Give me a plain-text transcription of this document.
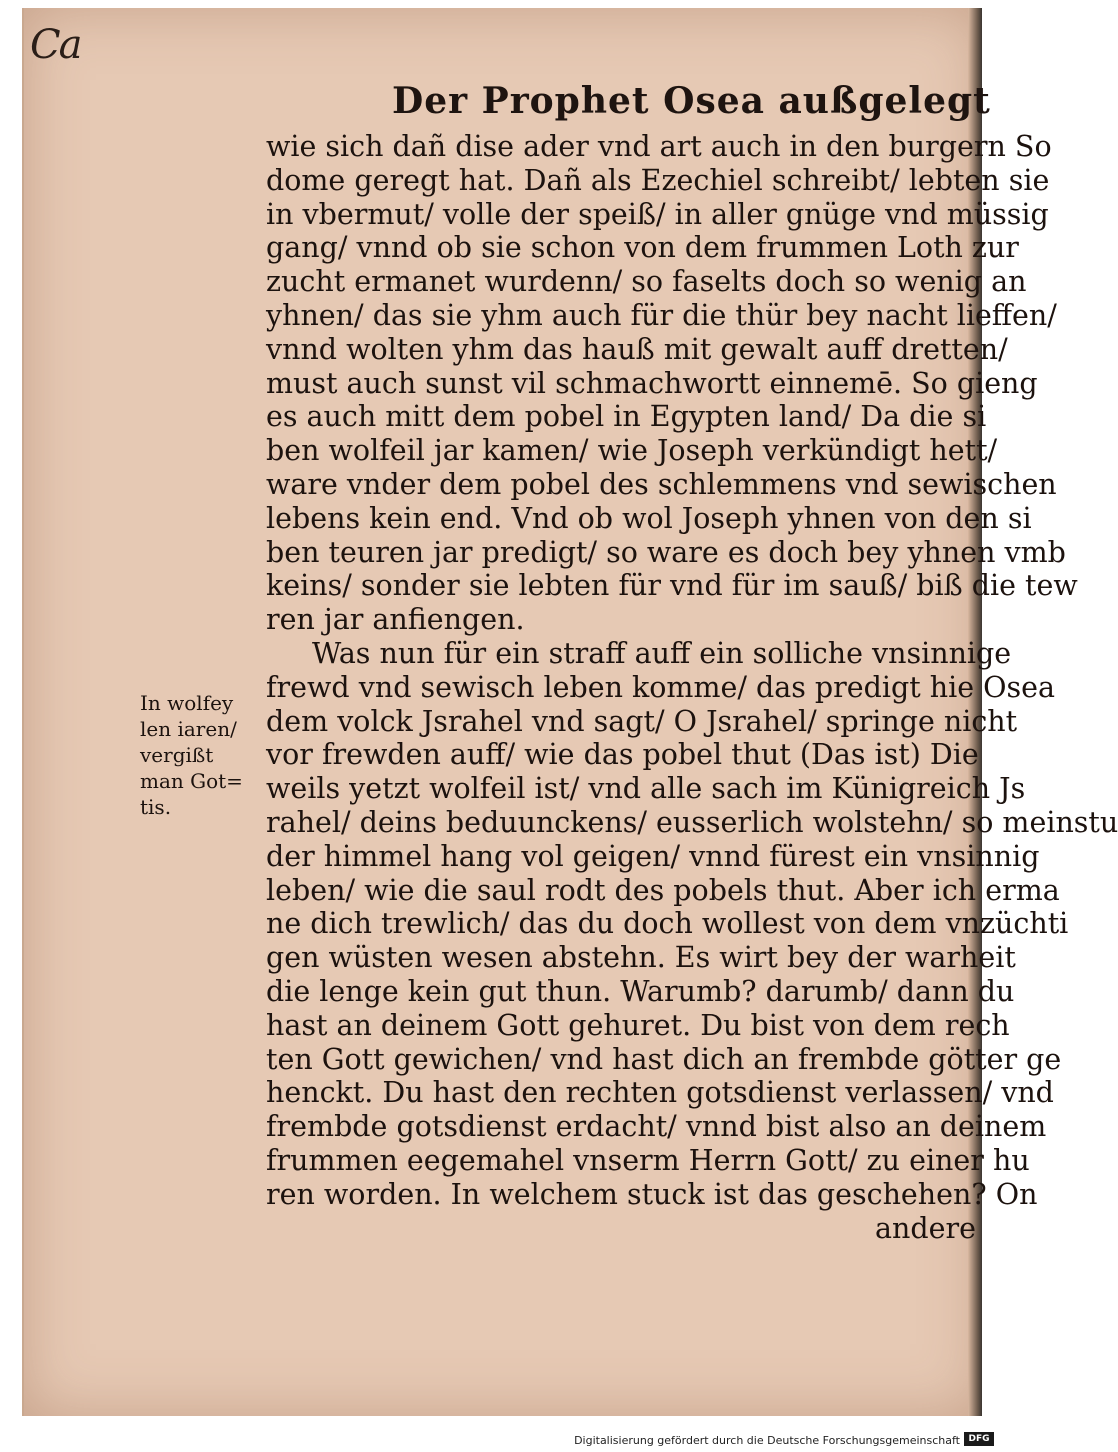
Ca
Der Prophet Osea außgelegt
wie sich dañ dise ader vnd art auch in den burgern So
dome geregt hat. Dañ als Ezechiel schreibt/ lebten sie
in vbermut/ volle der speiß/ in aller gnüge vnd müssig
gang/ vnnd ob sie schon von dem frummen Loth zur
zucht ermanet wurdenn/ so faselts doch so wenig an
yhnen/ das sie yhm auch für die thür bey nacht lieffen/
vnnd wolten yhm das hauß mit gewalt auff dretten/
must auch sunst vil schmachwortt einnemē. So gieng
es auch mitt dem pobel in Egypten land/ Da die si
ben wolfeil jar kamen/ wie Joseph verkündigt hett/
ware vnder dem pobel des schlemmens vnd sewischen
lebens kein end. Vnd ob wol Joseph yhnen von den si
ben teuren jar predigt/ so ware es doch bey yhnen vmb
keins/ sonder sie lebten für vnd für im sauß/ biß die tew
ren jar anfiengen.
Was nun für ein straff auff ein solliche vnsinnige
frewd vnd sewisch leben komme/ das predigt hie Osea
dem volck Jsrahel vnd sagt/ O Jsrahel/ springe nicht
vor frewden auff/ wie das pobel thut (Das ist) Die
weils yetzt wolfeil ist/ vnd alle sach im Künigreich Js
rahel/ deins beduunckens/ eusserlich wolstehn/ so meinstu
der himmel hang vol geigen/ vnnd fürest ein vnsinnig
leben/ wie die saul rodt des pobels thut. Aber ich erma
ne dich trewlich/ das du doch wollest von dem vnzüchti
gen wüsten wesen abstehn. Es wirt bey der warheit
die lenge kein gut thun. Warumb? darumb/ dann du
hast an deinem Gott gehuret. Du bist von dem rech
ten Gott gewichen/ vnd hast dich an frembde götter ge
henckt. Du hast den rechten gotsdienst verlassen/ vnd
frembde gotsdienst erdacht/ vnnd bist also an deinem
frummen eegemahel vnserm Herrn Gott/ zu einer hu
ren worden. In welchem stuck ist das geschehen? On
andere
In wolfey
len iaren/
vergißt
man Got=
tis.
Digitalisierung gefördert durch die Deutsche Forschungsgemeinschaft DFG
